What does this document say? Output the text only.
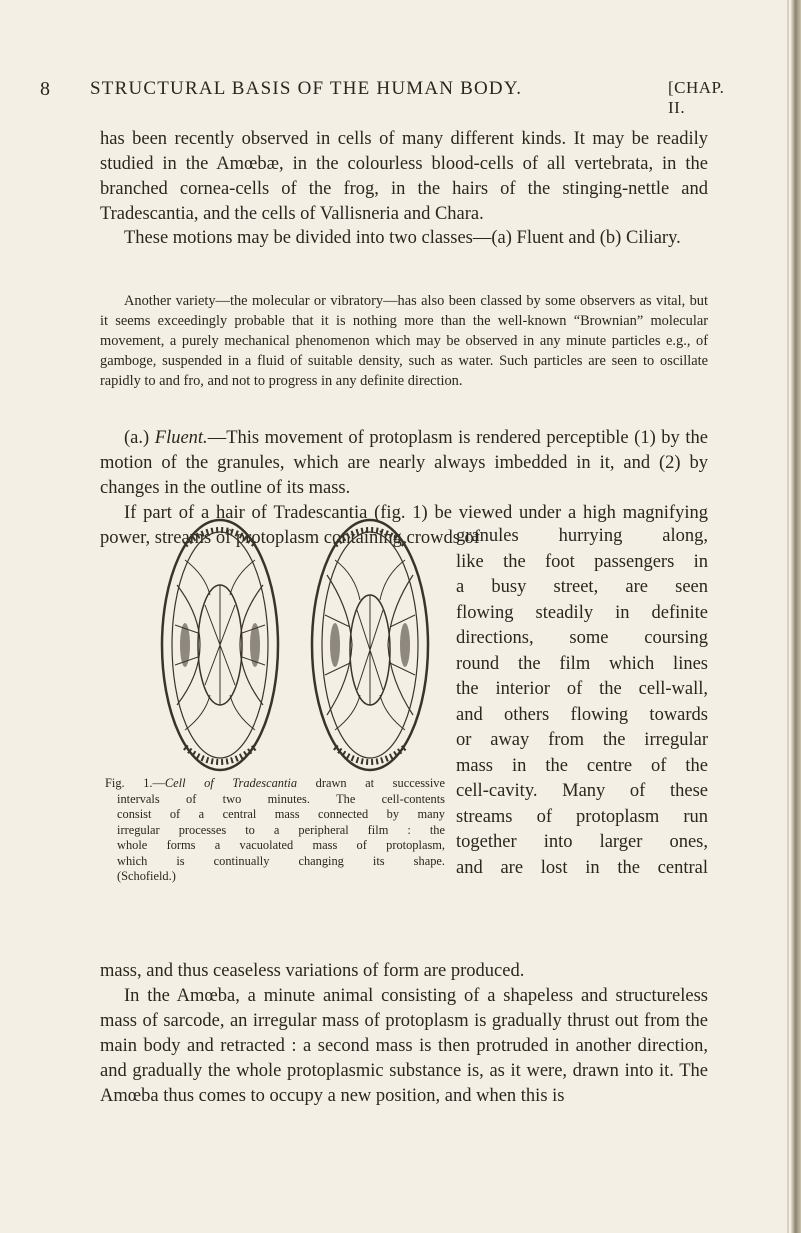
8 STRUCTURAL BASIS OF THE HUMAN BODY.	[CHAP. II.

has been recently observed in cells of many different kinds. It may be readily studied in the Amœbæ, in the colourless blood-cells of all vertebrata, in the branched cornea-cells of the frog, in the hairs of the stinging-nettle and Tradescantia, and the cells of Vallisneria and Chara.

These motions may be divided into two classes—(a) Fluent and (b) Ciliary.

Another variety—the molecular or vibratory—has also been classed by some observers as vital, but it seems exceedingly probable that it is nothing more than the well-known “Brownian” molecular movement, a purely mechanical phenomenon which may be observed in any minute particles e.g., of gamboge, suspended in a fluid of suitable density, such as water. Such particles are seen to oscillate rapidly to and fro, and not to progress in any definite direction.

(a.) Fluent.—This movement of protoplasm is rendered perceptible (1) by the motion of the granules, which are nearly always imbedded in it, and (2) by changes in the outline of its mass.

If part of a hair of Tradescantia (fig. 1) be viewed under a high magnifying power, streams of protoplasm containing crowds of

granules hurrying along,
like the foot passengers in
a busy street, are seen
flowing steadily in definite
directions, some coursing
round the film which lines
the interior of the cell-wall,
and others flowing towards
or away from the irregular
mass in the centre of the
cell-cavity. Many of these
streams of protoplasm run
together into larger ones,
and are lost in the central
Fig. 1.—Cell of Tradescantia drawn at successive
intervals of two minutes. The cell-contents
consist of a central mass connected by many
irregular processes to a peripheral film : the
whole forms a vacuolated mass of protoplasm,
which is continually changing its shape.
(Schofield.)

mass, and thus ceaseless variations of form are produced.

In the Amœba, a minute animal consisting of a shapeless and structureless mass of sarcode, an irregular mass of protoplasm is gradually thrust out from the main body and retracted : a second mass is then protruded in another direction, and gradually the whole protoplasmic substance is, as it were, drawn into it. The Amœba thus comes to occupy a new position, and when this is
